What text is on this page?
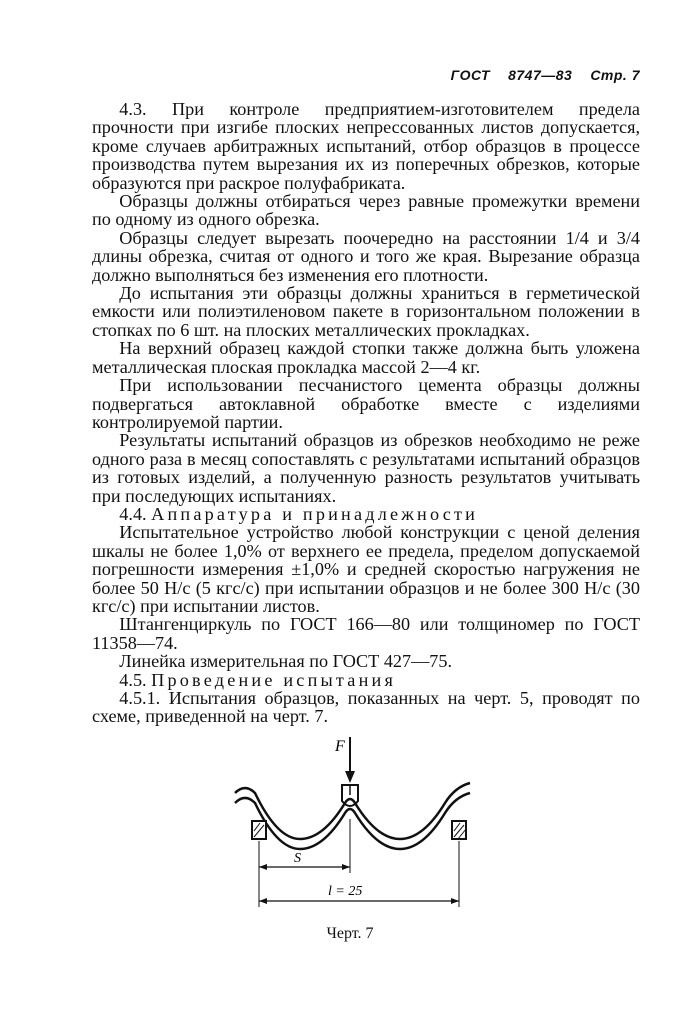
ГОСТ 8747—83 Стр. 7

4.3. При контроле предприятием-изготовителем предела прочности при изгибе плоских непрессованных листов допускается, кроме случаев арбитражных испытаний, отбор образцов в процессе производства путем вырезания их из поперечных обрезков, которые образуются при раскрое полуфабриката.

Образцы должны отбираться через равные промежутки времени по одному из одного обрезка.

Образцы следует вырезать поочередно на расстоянии 1/4 и 3/4 длины обрезка, считая от одного и того же края. Вырезание образца должно выполняться без изменения его плотности.

До испытания эти образцы должны храниться в герметической емкости или полиэтиленовом пакете в горизонтальном положении в стопках по 6 шт. на плоских металлических прокладках.

На верхний образец каждой стопки также должна быть уложена металлическая плоская прокладка массой 2—4 кг.

При использовании песчанистого цемента образцы должны подвергаться автоклавной обработке вместе с изделиями контролируемой партии.

Результаты испытаний образцов из обрезков необходимо не реже одного раза в месяц сопоставлять с результатами испытаний образцов из готовых изделий, а полученную разность результатов учитывать при последующих испытаниях.

4.4. Аппаратура и принадлежности

Испытательное устройство любой конструкции с ценой деления шкалы не более 1,0% от верхнего ее предела, пределом допускаемой погрешности измерения ±1,0% и средней скоростью нагружения не более 50 Н/с (5 кгс/с) при испытании образцов и не более 300 Н/с (30 кгс/с) при испытании листов.

Штангенциркуль по ГОСТ 166—80 или толщиномер по ГОСТ 11358—74.

Линейка измерительная по ГОСТ 427—75.

4.5. Проведение испытания

4.5.1. Испытания образцов, показанных на черт. 5, проводят по схеме, приведенной на черт. 7.

F
S
l = 25
Черт. 7
